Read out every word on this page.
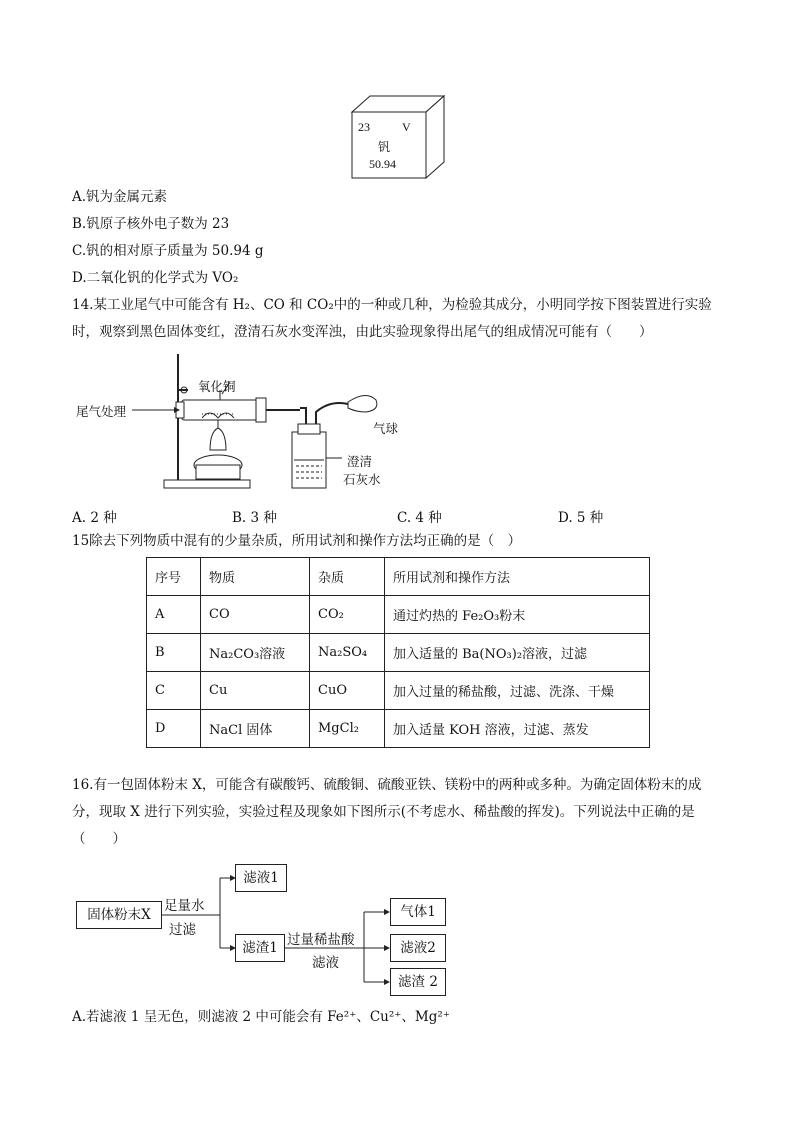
23	V
钒
50.94
A.钒为金属元素
B.钒原子核外电子数为 23
C.钒的相对原子质量为 50.94 g
D.二氧化钒的化学式为 VO₂
14.某工业尾气中可能含有 H₂、CO 和 CO₂中的一种或几种，为检验其成分，小明同学按下图装置进行实验
时，观察到黑色固体变红，澄清石灰水变浑浊，由此实验现象得出尾气的组成情况可能有（　　）
氧化铜
尾气处理
气球
澄清
石灰水
A. 2 种	B. 3 种	C. 4 种	D. 5 种
15除去下列物质中混有的少量杂质，所用试剂和操作方法均正确的是（　）
序号	物质	杂质	所用试剂和操作方法
A	CO	CO₂	通过灼热的 Fe₂O₃粉末
B	Na₂CO₃溶液	Na₂SO₄	加入适量的 Ba(NO₃)₂溶液，过滤
C	Cu	CuO	加入过量的稀盐酸，过滤、洗涤、干燥
D	NaCl 固体	MgCl₂	加入适量 KOH 溶液，过滤、蒸发
16.有一包固体粉末 X，可能含有碳酸钙、硫酸铜、硫酸亚铁、镁粉中的两种或多种。为确定固体粉末的成
分，现取 X 进行下列实验，实验过程及现象如下图所示(不考虑水、稀盐酸的挥发)。下列说法中正确的是
（　　）
固体粉末X
足量水
过滤
滤液1
滤渣1 过量稀盐酸
滤液
气体1
滤液2
滤渣 2
A.若滤液 1 呈无色，则滤液 2 中可能会有 Fe²⁺、Cu²⁺、Mg²⁺
